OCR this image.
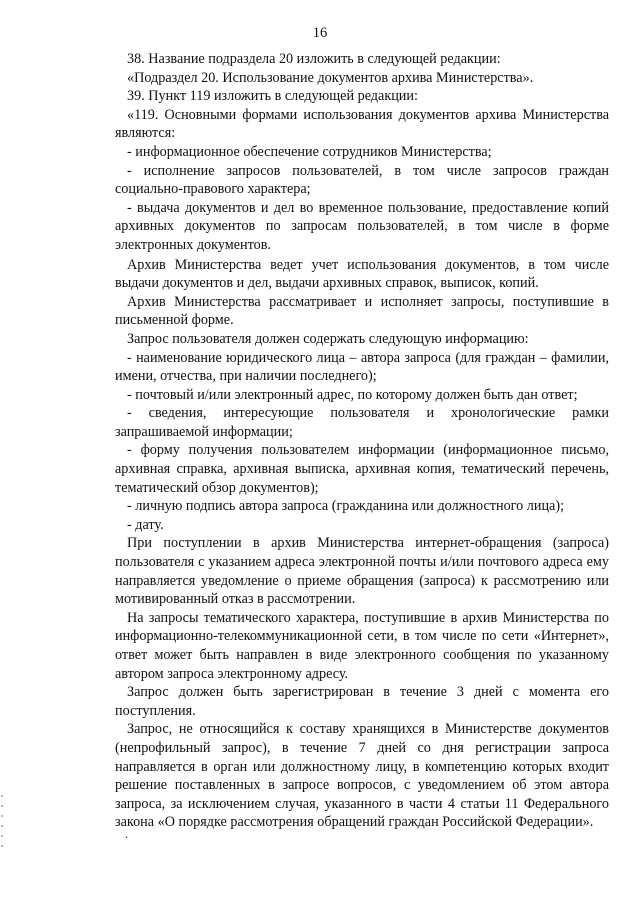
16

38. Название подраздела 20 изложить в следующей редакции:

«Подраздел 20. Использование документов архива Министерства».

39. Пункт 119 изложить в следующей редакции:

«119. Основными формами использования документов архива Министерства являются:

- информационное обеспечение сотрудников Министерства;

- исполнение запросов пользователей, в том числе запросов граждан социально-правового характера;

- выдача документов и дел во временное пользование, предоставление копий архивных документов по запросам пользователей, в том числе в форме электронных документов.

Архив Министерства ведет учет использования документов, в том числе выдачи документов и дел, выдачи архивных справок, выписок, копий.

Архив Министерства рассматривает и исполняет запросы, поступившие в письменной форме.

Запрос пользователя должен содержать следующую информацию:

- наименование юридического лица – автора запроса (для граждан – фамилии, имени, отчества, при наличии последнего);

- почтовый и/или электронный адрес, по которому должен быть дан ответ;

- сведения, интересующие пользователя и хронологические рамки запрашиваемой информации;

- форму получения пользователем информации (информационное письмо, архивная справка, архивная выписка, архивная копия, тематический перечень, тематический обзор документов);

- личную подпись автора запроса (гражданина или должностного лица);

- дату.

При поступлении в архив Министерства интернет-обращения (запроса) пользователя с указанием адреса электронной почты и/или почтового адреса ему направляется уведомление о приеме обращения (запроса) к рассмотрению или мотивированный отказ в рассмотрении.

На запросы тематического характера, поступившие в архив Министерства по информационно-телекоммуникационной сети, в том числе по сети «Интернет», ответ может быть направлен в виде электронного сообщения по указанному автором запроса электронному адресу.

Запрос должен быть зарегистрирован в течение 3 дней с момента его поступления.

Запрос, не относящийся к составу хранящихся в Министерстве документов (непрофильный запрос), в течение 7 дней со дня регистрации запроса направляется в орган или должностному лицу, в компетенцию которых входит решение поставленных в запросе вопросов, с уведомлением об этом автора запроса, за исключением случая, указанного в части 4 статьи 11 Федерального закона «О порядке рассмотрения обращений граждан Российской Федерации».

.
